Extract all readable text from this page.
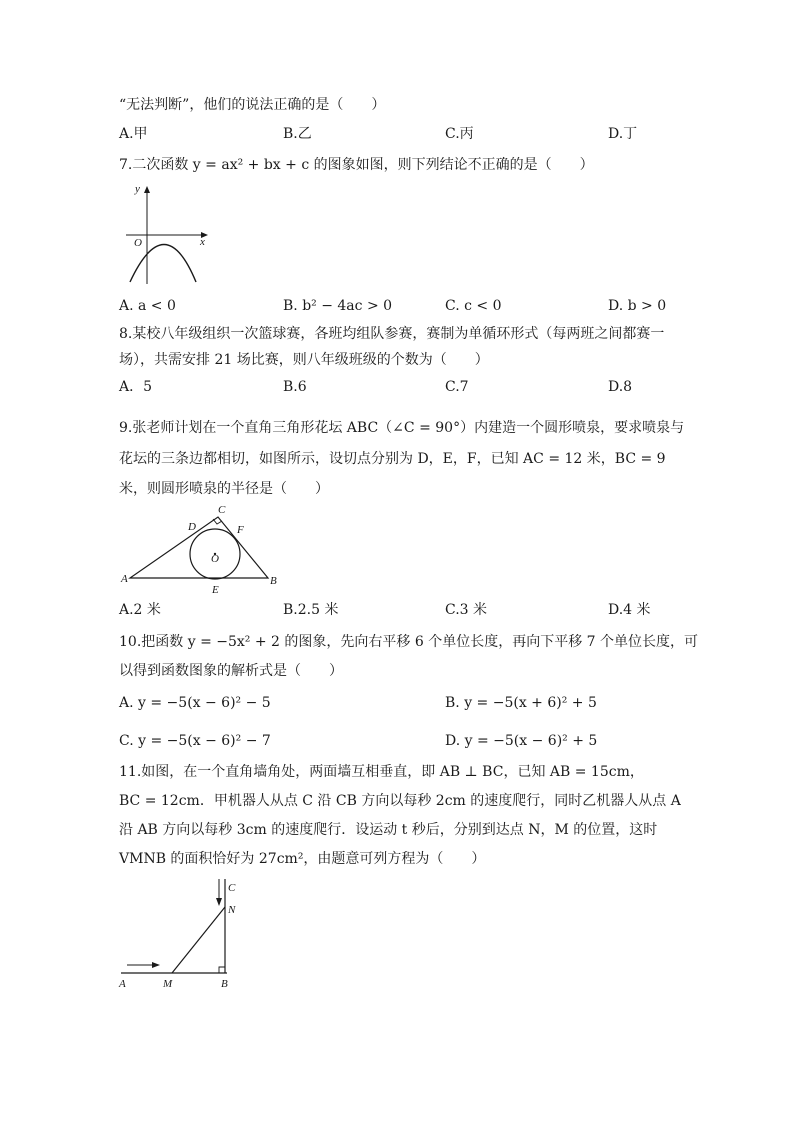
“无法判断”，他们的说法正确的是（　　）
A.甲	B.乙	C.丙	D.丁
7.二次函数 y = ax² + bx + c 的图象如图，则下列结论不正确的是（　　）
y
x
O
A. a < 0	B. b² − 4ac > 0	C. c < 0	D. b > 0
8.某校八年级组织一次篮球赛，各班均组队参赛，赛制为单循环形式（每两班之间都赛一
场），共需安排 21 场比赛，则八年级班级的个数为（　　）
A．5	B.6	C.7	D.8
9.张老师计划在一个直角三角形花坛 ABC（∠C = 90°）内建造一个圆形喷泉，要求喷泉与
花坛的三条边都相切，如图所示，设切点分别为 D，E，F，已知 AC = 12 米，BC = 9
米，则圆形喷泉的半径是（　　）
A	B
C
D
E
F
O
A.2 米	B.2.5 米	C.3 米	D.4 米
10.把函数 y = −5x² + 2 的图象，先向右平移 6 个单位长度，再向下平移 7 个单位长度，可
以得到函数图象的解析式是（　　）
A. y = −5(x − 6)² − 5	B. y = −5(x + 6)² + 5
C. y = −5(x − 6)² − 7	D. y = −5(x − 6)² + 5
11.如图，在一个直角墙角处，两面墙互相垂直，即 AB ⊥ BC，已知 AB = 15cm，
BC = 12cm．甲机器人从点 C 沿 CB 方向以每秒 2cm 的速度爬行，同时乙机器人从点 A
沿 AB 方向以每秒 3cm 的速度爬行．设运动 t 秒后，分别到达点 N，M 的位置，这时
VMNB 的面积恰好为 27cm²，由题意可列方程为（　　）
A	M	B
C
N
